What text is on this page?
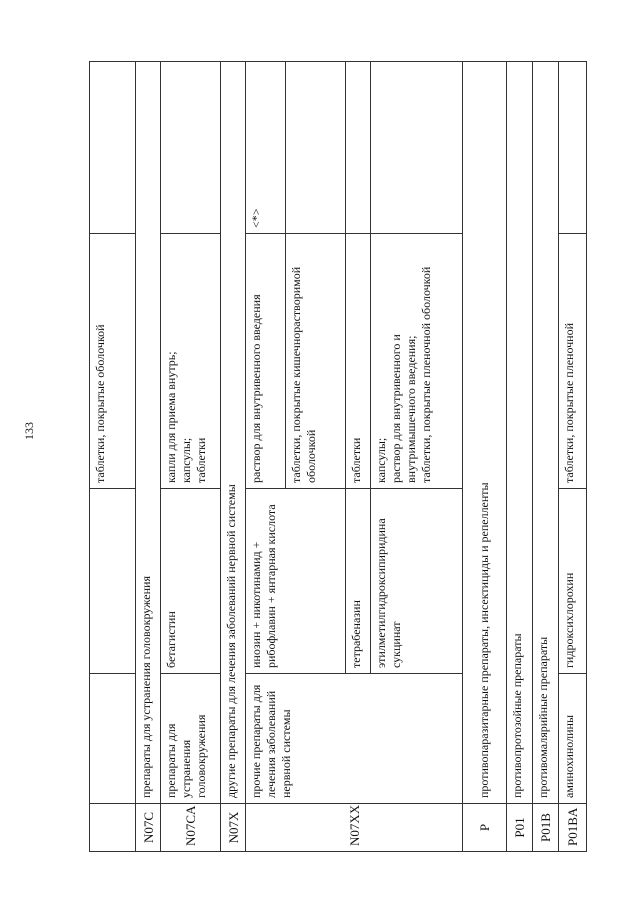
133
				таблетки, покрытые оболочкой	
N07C	препараты для устранения головокружения			
N07CA	препараты для устранения головокружения	бетагистин	капли для приема внутрь;
капсулы;
таблетки	
N07X	другие препараты для лечения заболеваний нервной системы			
N07XX	прочие препараты для лечения заболеваний нервной системы	инозин + никотинамид + рибофлавин + янтарная кислота	раствор для внутривенного введения	<*>
			таблетки, покрытые кишечнорастворимой оболочкой	
		тетрабеназин	таблетки	
		этилметилгидроксипиридина сукцинат	капсулы;
раствор для внутривенного и внутримышечного введения;
таблетки, покрытые пленочной оболочкой	
P	противопаразитарные препараты, инсектициды и репелленты			
P01	противопротозойные препараты			
P01B	противомалярийные препараты			
P01BA	аминохинолины	гидроксихлорохин	таблетки, покрытые пленочной	
